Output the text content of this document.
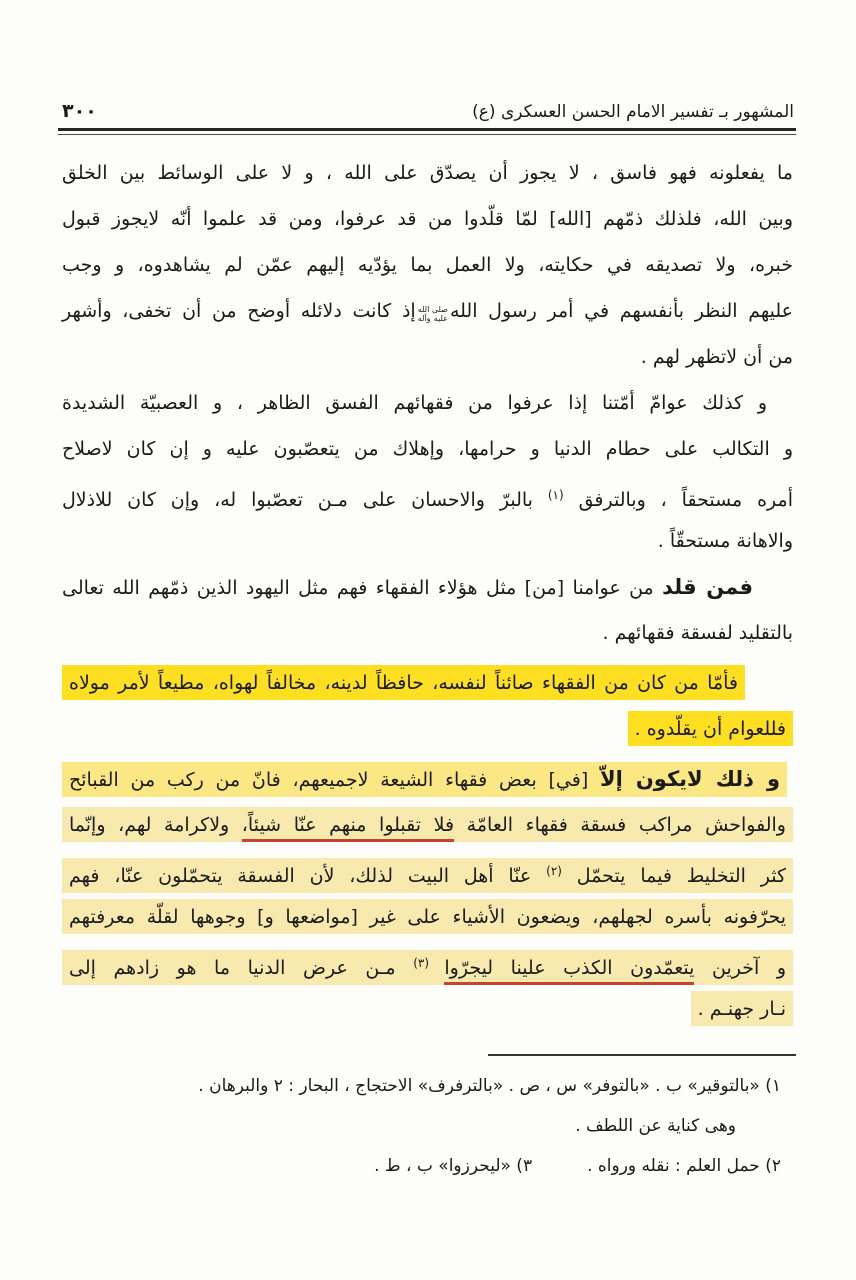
المشهور بـ تفسير الامام الحسن العسكرى (ع)
٣٠٠
ما يفعلونه فهو فاسق ، لا يجوز أن يصدّق على الله ، و لا على الوسائط بين الخلق
وبين الله، فلذلك ذمّهم [الله] لمّا قلّدوا من قد عرفوا، ومن قد علموا أنّه لايجوز قبول
خبره، ولا تصديقه في حكايته، ولا العمل بما يؤدّيه إليهم عمّن لم يشاهدوه، و وجب
عليهم النظر بأنفسهم في أمر رسول الله
صلى الله
عليه وآله
إذ كانت دلائله أوضح من أن تخفى، وأشهر
من أن لاتظهر لهم .
و كذلك عوامّ أمّتنا إذا عرفوا من فقهائهم الفسق الظاهر ، و العصبيّة الشديدة
و التكالب على حطام الدنيا و حرامها، وإهلاك من يتعصّبون عليه و إن كان لاصلاح
أمره مستحقاً ، وبالترفق $^{(١)}$ بالبرّ والاحسان على مـن تعصّبوا له، وإن كان للاذلال
والاهانة مستحقّاً .
فمن قلد من عوامنا [من] مثل هؤلاء الفقهاء فهم مثل اليهود الذين ذمّهم الله تعالى
بالتقليد لفسقة فقهائهم .
فأمّا من كان من الفقهاء صائناً لنفسه، حافظاً لدينه، مخالفاً لهواه، مطيعاً لأمر مولاه
فللعوام أن يقلّدوه .
و ذلك لايكون إلاّ [في] بعض فقهاء الشيعة لاجميعهم، فانّ من ركب من القبائح
والفواحش مراكب فسقة فقهاء العامّة فلا تقبلوا منهم عنّا شيئاً، ولاكرامة لهم، وإنّما
كثر التخليط فيما يتحمّل $^{(٢)}$ عنّا أهل البيت لذلك، لأن الفسقة يتحمّلون عنّا، فهم
يحرّفونه بأسره لجهلهم، ويضعون الأشياء على غير [مواضعها و] وجوهها لقلّة معرفتهم
و آخرين يتعمّدون الكذب علينا ليجرّوا $^{(٣)}$ مـن عرض الدنيا ما هو زادهم إلى
نـار جهنـم .
١) «بالتوقير» ب . «بالتوفر» س ، ص . «بالترفرف» الاحتجاج ، البحار : ٢ والبرهان .
وهى كناية عن اللطف .
٢) حمل العلم : نقله ورواه .
٣) «ليحرزوا» ب ، ط .
